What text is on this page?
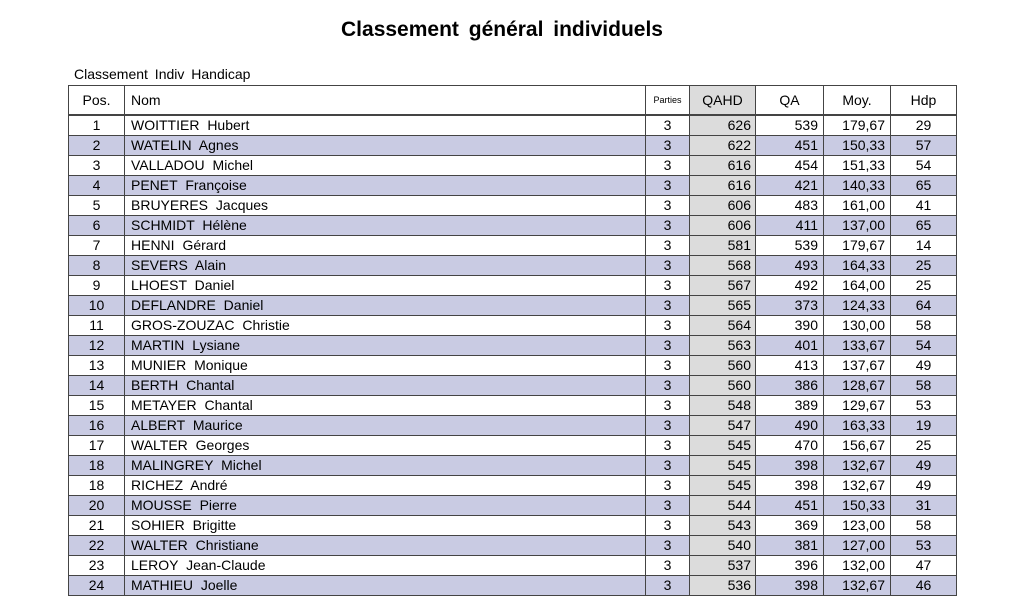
Classement général individuels
Classement Indiv Handicap
Pos.	Nom	Parties	QAHD	QA	Moy.	Hdp
1	WOITTIER Hubert	3	626	539	179,67	29
2	WATELIN Agnes	3	622	451	150,33	57
3	VALLADOU Michel	3	616	454	151,33	54
4	PENET Françoise	3	616	421	140,33	65
5	BRUYERES Jacques	3	606	483	161,00	41
6	SCHMIDT Hélène	3	606	411	137,00	65
7	HENNI Gérard	3	581	539	179,67	14
8	SEVERS Alain	3	568	493	164,33	25
9	LHOEST Daniel	3	567	492	164,00	25
10	DEFLANDRE Daniel	3	565	373	124,33	64
11	GROS-ZOUZAC Christie	3	564	390	130,00	58
12	MARTIN Lysiane	3	563	401	133,67	54
13	MUNIER Monique	3	560	413	137,67	49
14	BERTH Chantal	3	560	386	128,67	58
15	METAYER Chantal	3	548	389	129,67	53
16	ALBERT Maurice	3	547	490	163,33	19
17	WALTER Georges	3	545	470	156,67	25
18	MALINGREY Michel	3	545	398	132,67	49
18	RICHEZ André	3	545	398	132,67	49
20	MOUSSE Pierre	3	544	451	150,33	31
21	SOHIER Brigitte	3	543	369	123,00	58
22	WALTER Christiane	3	540	381	127,00	53
23	LEROY Jean-Claude	3	537	396	132,00	47
24	MATHIEU Joelle	3	536	398	132,67	46
